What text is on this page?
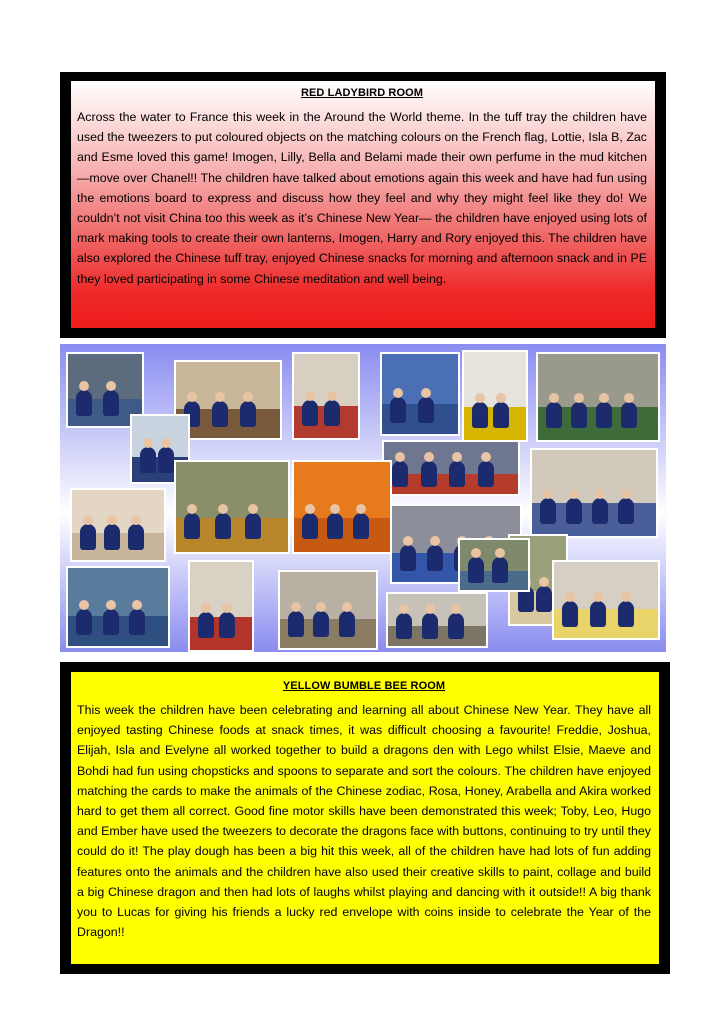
RED LADYBIRD ROOM

Across the water to France this week in the Around the World theme. In the tuff tray the children have used the tweezers to put coloured objects on the matching colours on the French flag, Lottie, Isla B, Zac and Esme loved this game! Imogen, Lilly, Bella and Belami made their own perfume in the mud kitchen—move over Chanel!! The children have talked about emotions again this week and have had fun using the emotions board to express and discuss how they feel and why they might feel like they do! We couldn’t not visit China too this week as it’s Chinese New Year— the children have enjoyed using lots of mark making tools to create their own lanterns, Imogen, Harry and Rory enjoyed this. The children have also explored the Chinese tuff tray, enjoyed Chinese snacks for morning and afternoon snack and in PE they loved participating in some Chinese meditation and well being.

YELLOW BUMBLE BEE ROOM

This week the children have been celebrating and learning all about Chinese New Year. They have all enjoyed tasting Chinese foods at snack times, it was difficult choosing a favourite! Freddie, Joshua, Elijah, Isla and Evelyne all worked together to build a dragons den with Lego whilst Elsie, Maeve and Bohdi had fun using chopsticks and spoons to separate and sort the colours. The children have enjoyed matching the cards to make the animals of the Chinese zodiac, Rosa, Honey, Arabella and Akira worked hard to get them all correct. Good fine motor skills have been demonstrated this week; Toby, Leo, Hugo and Ember have used the tweezers to decorate the dragons face with buttons, continuing to try until they could do it! The play dough has been a big hit this week, all of the children have had lots of fun adding features onto the animals and the children have also used their creative skills to paint, collage and build a big Chinese dragon and then had lots of laughs whilst playing and dancing with it outside!! A big thank you to Lucas for giving his friends a lucky red envelope with coins inside to celebrate the Year of the Dragon!!
